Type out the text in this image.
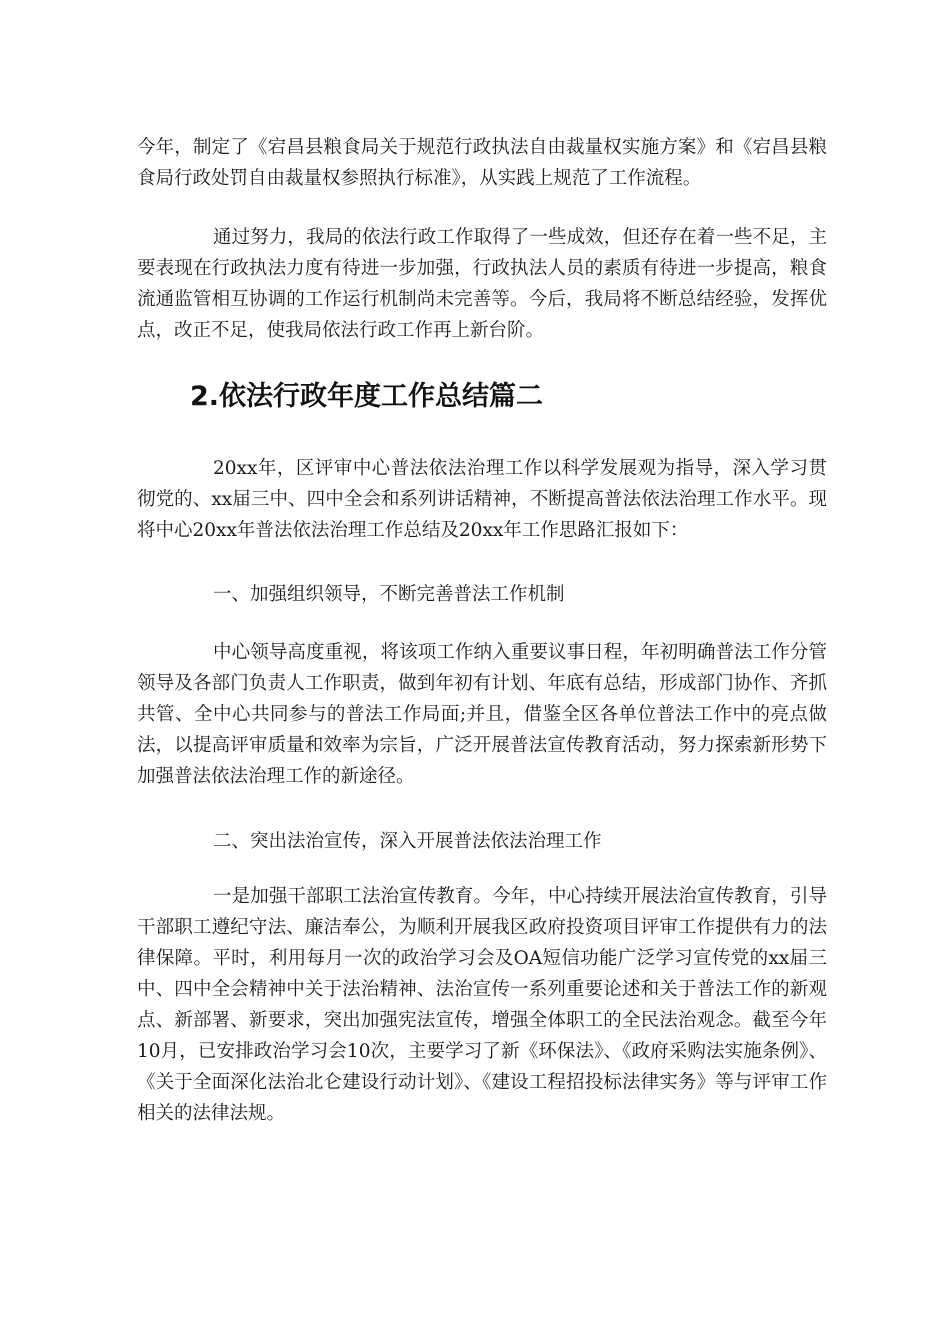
今年，制定了《宕昌县粮食局关于规范行政执法自由裁量权实施方案》和《宕昌县粮食局行政处罚自由裁量权参照执行标准》，从实践上规范了工作流程。

通过努力，我局的依法行政工作取得了一些成效，但还存在着一些不足，主要表现在行政执法力度有待进一步加强，行政执法人员的素质有待进一步提高，粮食流通监管相互协调的工作运行机制尚未完善等。今后，我局将不断总结经验，发挥优点，改正不足，使我局依法行政工作再上新台阶。

2.依法行政年度工作总结篇二

20xx年，区评审中心普法依法治理工作以科学发展观为指导，深入学习贯彻党的、xx届三中、四中全会和系列讲话精神，不断提高普法依法治理工作水平。现将中心20xx年普法依法治理工作总结及20xx年工作思路汇报如下：

一、加强组织领导，不断完善普法工作机制

中心领导高度重视，将该项工作纳入重要议事日程，年初明确普法工作分管领导及各部门负责人工作职责，做到年初有计划、年底有总结，形成部门协作、齐抓共管、全中心共同参与的普法工作局面;并且，借鉴全区各单位普法工作中的亮点做法，以提高评审质量和效率为宗旨，广泛开展普法宣传教育活动，努力探索新形势下加强普法依法治理工作的新途径。

二、突出法治宣传，深入开展普法依法治理工作

一是加强干部职工法治宣传教育。今年，中心持续开展法治宣传教育，引导干部职工遵纪守法、廉洁奉公，为顺利开展我区政府投资项目评审工作提供有力的法律保障。平时，利用每月一次的政治学习会及OA短信功能广泛学习宣传党的xx届三中、四中全会精神中关于法治精神、法治宣传一系列重要论述和关于普法工作的新观点、新部署、新要求，突出加强宪法宣传，增强全体职工的全民法治观念。截至今年10月，已安排政治学习会10次，主要学习了新《环保法》、《政府采购法实施条例》、《关于全面深化法治北仑建设行动计划》、《建设工程招投标法律实务》等与评审工作相关的法律法规。
